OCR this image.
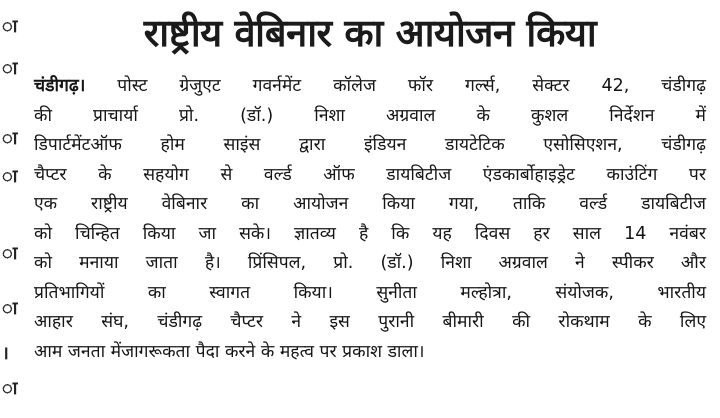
ा
ा
ा
ा
ा
ा
।
ा
राष्ट्रीय वेबिनार का आयोजन किया
चंडीगढ़। पोस्ट ग्रेजुएट गवर्नमेंट कॉलेज फॉर गर्ल्स, सेक्टर 42, चंडीगढ़
की प्राचार्या प्रो. (डॉ.) निशा अग्रवाल के कुशल निर्देशन में
डिपार्टमेंटऑफ होम साइंस द्वारा इंडियन डायटेटिक एसोसिएशन, चंडीगढ़
चैप्टर के सहयोग से वर्ल्ड ऑफ डायबिटीज एंडकार्बोहाइड्रेट काउंटिंग पर
एक राष्ट्रीय वेबिनार का आयोजन किया गया, ताकि वर्ल्ड डायबिटीज
को चिन्हित किया जा सके। ज्ञातव्य है कि यह दिवस हर साल 14 नवंबर
को मनाया जाता है। प्रिंसिपल, प्रो. (डॉ.) निशा अग्रवाल ने स्पीकर और
प्रतिभागियों का स्वागत किया। सुनीता मल्होत्रा, संयोजक, भारतीय
आहार संघ, चंडीगढ़ चैप्टर ने इस पुरानी बीमारी की रोकथाम के लिए
आम जनता मेंजागरूकता पैदा करने के महत्व पर प्रकाश डाला।
